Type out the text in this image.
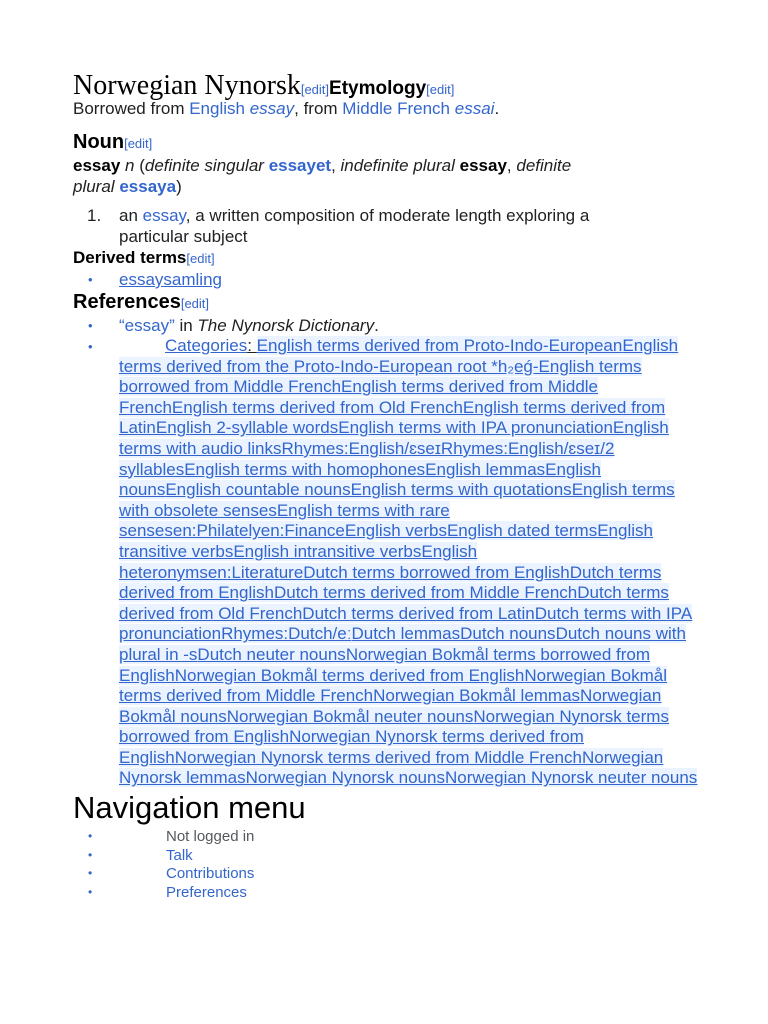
Norwegian Nynorsk[edit]Etymology[edit]
Borrowed from English essay, from Middle French essai.
Noun[edit]
essay n (definite singular essayet, indefinite plural essay, definite plural essaya)
1. an essay, a written composition of moderate length exploring a particular subject
Derived terms[edit]
• essaysamling
References[edit]
• “essay” in The Nynorsk Dictionary.
•	Categories: English terms derived from Proto-Indo-EuropeanEnglish terms derived from the Proto-Indo-European root *h₂eǵ-English terms borrowed from Middle FrenchEnglish terms derived from Middle FrenchEnglish terms derived from Old FrenchEnglish terms derived from LatinEnglish 2-syllable wordsEnglish terms with IPA pronunciationEnglish terms with audio linksRhymes:English/ɛseɪRhymes:English/ɛseɪ/2 syllablesEnglish terms with homophonesEnglish lemmasEnglish nounsEnglish countable nounsEnglish terms with quotationsEnglish terms with obsolete sensesEnglish terms with rare sensesen:Philatelyen:FinanceEnglish verbsEnglish dated termsEnglish transitive verbsEnglish intransitive verbsEnglish heteronymsen:LiteratureDutch terms borrowed from EnglishDutch terms derived from EnglishDutch terms derived from Middle FrenchDutch terms derived from Old FrenchDutch terms derived from LatinDutch terms with IPA pronunciationRhymes:Dutch/eːDutch lemmasDutch nounsDutch nouns with plural in -sDutch neuter nounsNorwegian Bokmål terms borrowed from EnglishNorwegian Bokmål terms derived from EnglishNorwegian Bokmål terms derived from Middle FrenchNorwegian Bokmål lemmasNorwegian Bokmål nounsNorwegian Bokmål neuter nounsNorwegian Nynorsk terms borrowed from EnglishNorwegian Nynorsk terms derived from EnglishNorwegian Nynorsk terms derived from Middle FrenchNorwegian Nynorsk lemmasNorwegian Nynorsk nounsNorwegian Nynorsk neuter nouns
Navigation menu
•	Not logged in
•	Talk
•	Contributions
•	Preferences
